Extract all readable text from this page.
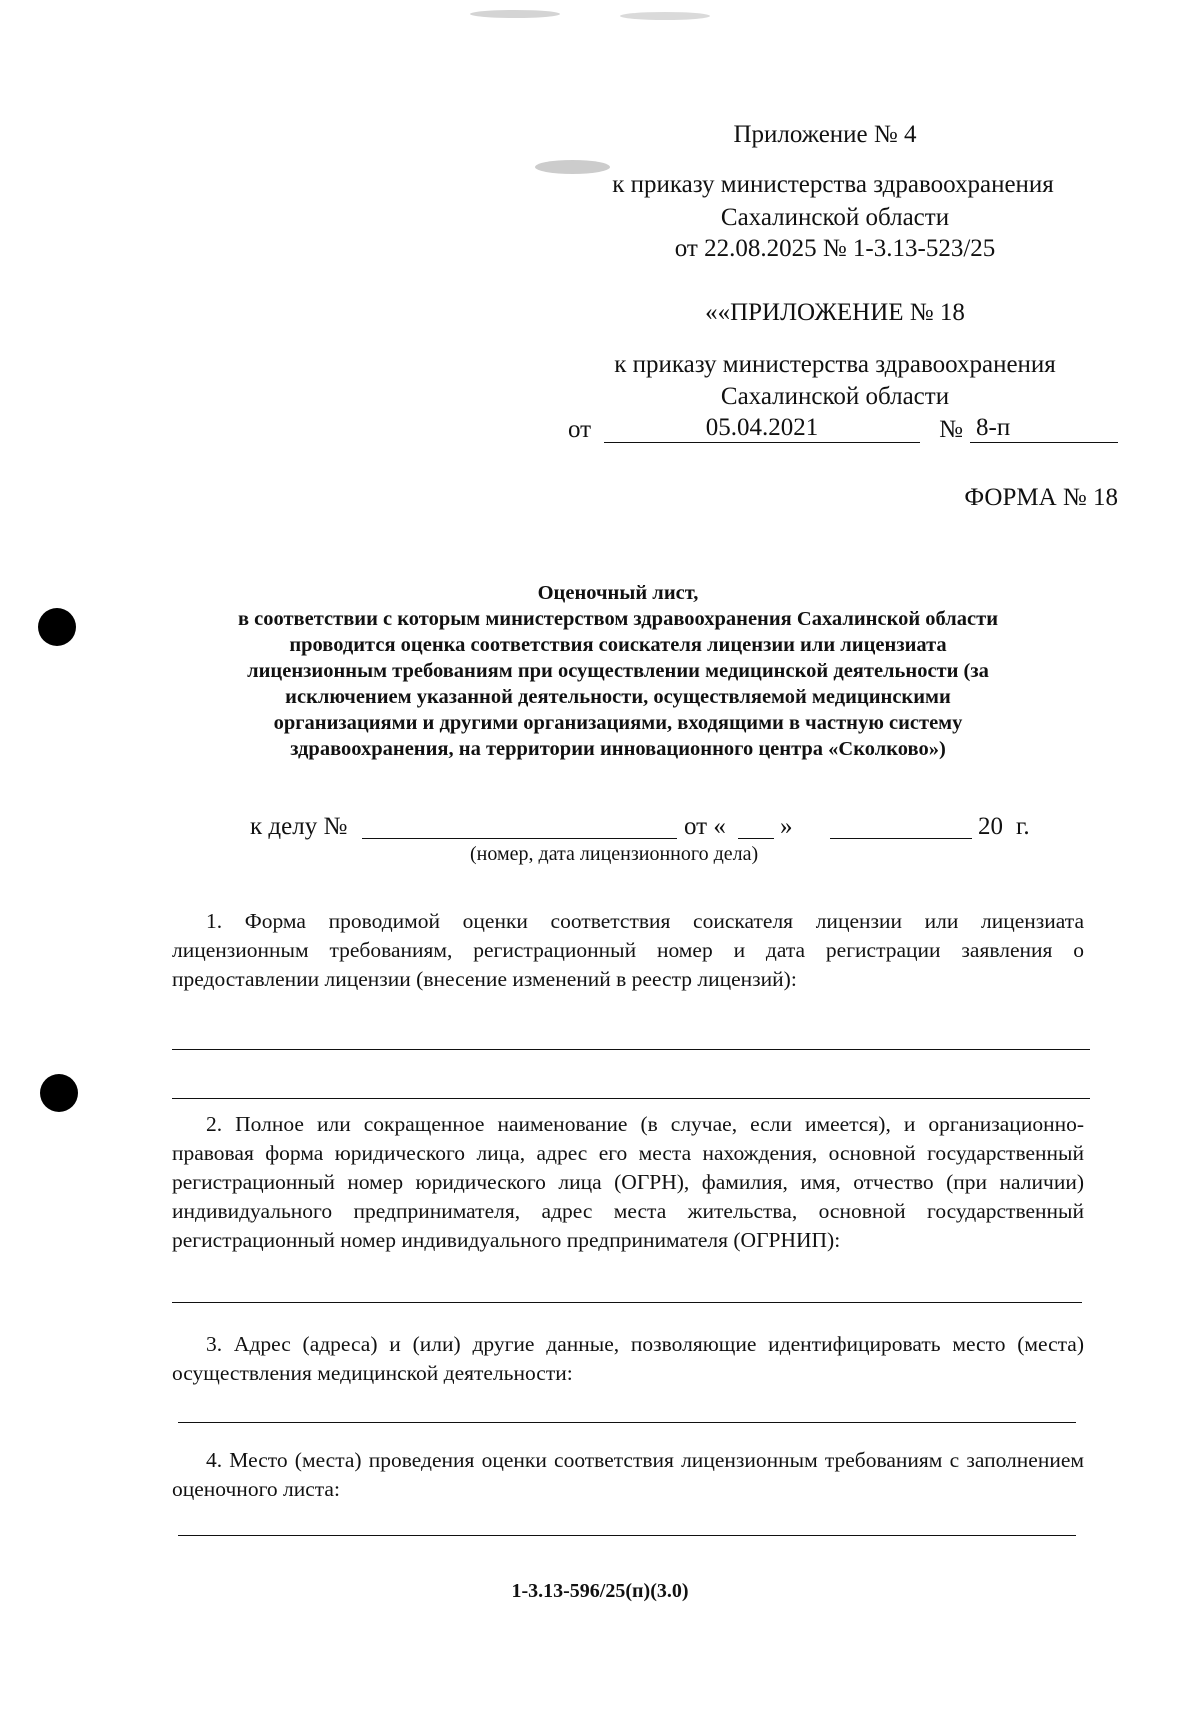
Приложение № 4
к приказу министерства здравоохранения
Сахалинской области
от 22.08.2025 № 1-3.13-523/25
««ПРИЛОЖЕНИЕ № 18
к приказу министерства здравоохранения
Сахалинской области
от	05.04.2021	№ 8-п
ФОРМА № 18
Оценочный лист,
в соответствии с которым министерством здравоохранения Сахалинской области
проводится оценка соответствия соискателя лицензии или лицензиата
лицензионным требованиям при осуществлении медицинской деятельности (за
исключением указанной деятельности, осуществляемой медицинскими
организациями и другими организациями, входящими в частную систему
здравоохранения, на территории инновационного центра «Сколково»)
к делу №	от «	»	20 г.
(номер, дата лицензионного дела)
1. Форма проводимой оценки соответствия соискателя лицензии или лицензиата лицензионным требованиям, регистрационный номер и дата регистрации заявления о предоставлении лицензии (внесение изменений в реестр лицензий):
2. Полное или сокращенное наименование (в случае, если имеется), и организационно-правовая форма юридического лица, адрес его места нахождения, основной государственный регистрационный номер юридического лица (ОГРН), фамилия, имя, отчество (при наличии) индивидуального предпринимателя, адрес места жительства, основной государственный регистрационный номер индивидуального предпринимателя (ОГРНИП):
3. Адрес (адреса) и (или) другие данные, позволяющие идентифицировать место (места) осуществления медицинской деятельности:
4. Место (места) проведения оценки соответствия лицензионным требованиям с заполнением оценочного листа:
1-3.13-596/25(п)(3.0)
